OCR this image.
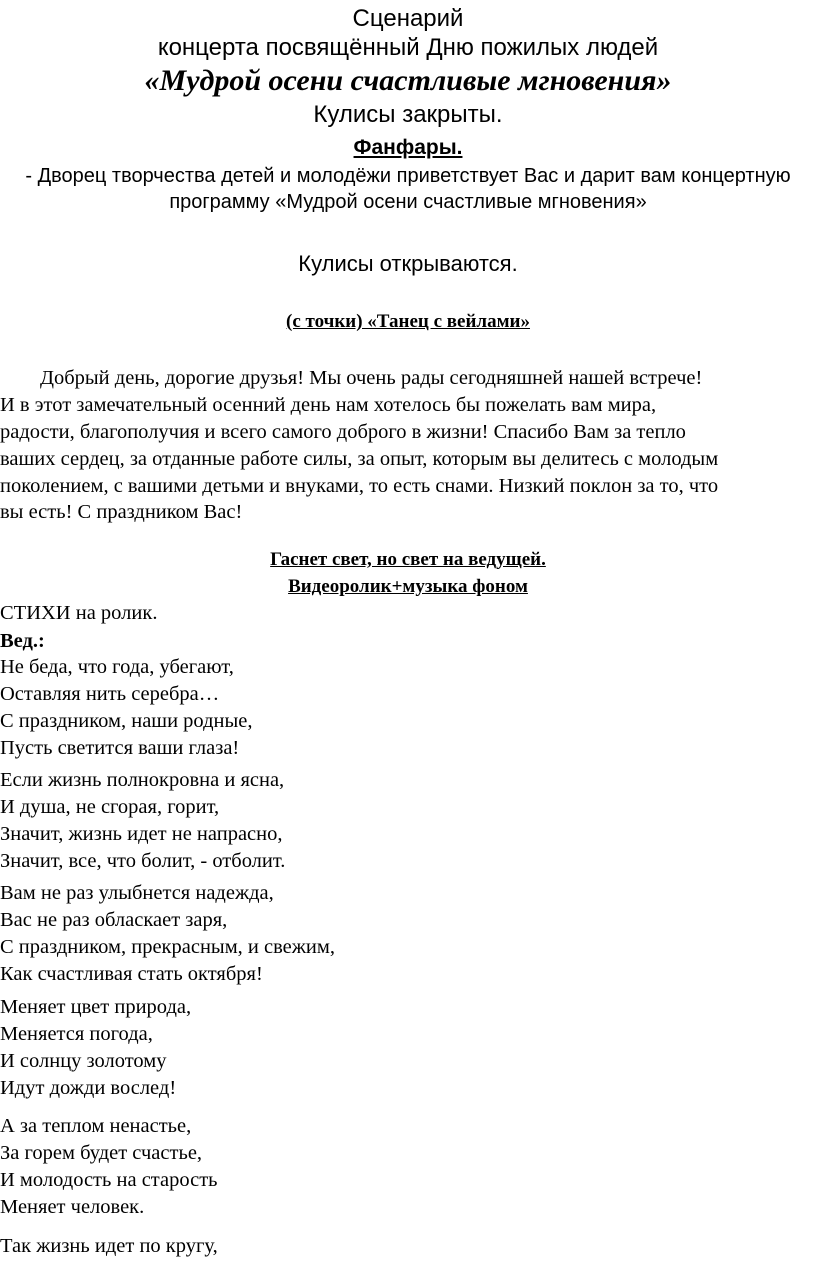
Сценарий
концерта посвящённый Дню пожилых людей
«Мудрой осени счастливые мгновения»
Кулисы закрыты.
Фанфары.
- Дворец творчества детей и молодёжи приветствует Вас и дарит вам концертную
программу «Мудрой осени счастливые мгновения»
Кулисы открываются.
(с точки) «Танец с вейлами»
Добрый день, дорогие друзья! Мы очень рады сегодняшней нашей встрече!
И в этот замечательный осенний день нам хотелось бы пожелать вам мира,
радости, благополучия и всего самого доброго в жизни! Спасибо Вам за тепло
ваших сердец, за отданные работе силы, за опыт, которым вы делитесь с молодым
поколением, с вашими детьми и внуками, то есть снами. Низкий поклон за то, что
вы есть! С праздником Вас!
Гаснет свет, но свет на ведущей.
Видеоролик+музыка фоном
СТИХИ на ролик.
Вед.:
Не беда, что года, убегают,
Оставляя нить серебра…
С праздником, наши родные,
Пусть светится ваши глаза!
Если жизнь полнокровна и ясна,
И душа, не сгорая, горит,
Значит, жизнь идет не напрасно,
Значит, все, что болит, - отболит.
Вам не раз улыбнется надежда,
Вас не раз облаcкает заря,
С праздником, прекрасным, и свежим,
Как счастливая стать октября!
Меняет цвет природа,
Меняется погода,
И солнцу золотому
Идут дожди вослед!
А за теплом ненастье,
За горем будет счастье,
И молодость на старость
Меняет человек.
Так жизнь идет по кругу,
